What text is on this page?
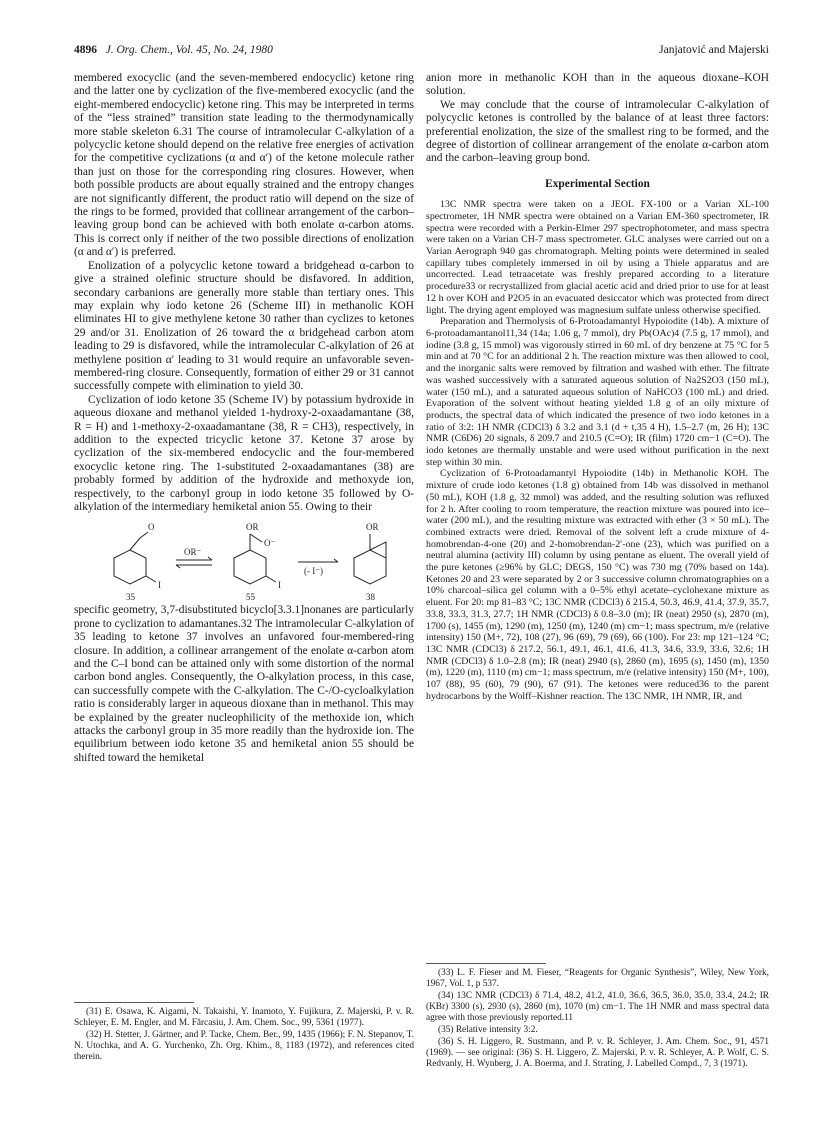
4896 J. Org. Chem., Vol. 45, No. 24, 1980	Janjatović and Majerski

membered exocyclic (and the seven-membered endocyclic) ketone ring and the latter one by cyclization of the five-membered exocyclic (and the eight-membered endocyclic) ketone ring. This may be interpreted in terms of the “less strained” transition state leading to the thermodynamically more stable skeleton 6.31 The course of intramolecular C-alkylation of a polycyclic ketone should depend on the relative free energies of activation for the competitive cyclizations (α and α′) of the ketone molecule rather than just on those for the corresponding ring closures. However, when both possible products are about equally strained and the entropy changes are not significantly different, the product ratio will depend on the size of the rings to be formed, provided that collinear arrangement of the carbon–leaving group bond can be achieved with both enolate α-carbon atoms. This is correct only if neither of the two possible directions of enolization (α and α′) is preferred.

Enolization of a polycyclic ketone toward a bridgehead α-carbon to give a strained olefinic structure should be disfavored. In addition, secondary carbanions are generally more stable than tertiary ones. This may explain why iodo ketone 26 (Scheme III) in methanolic KOH eliminates HI to give methylene ketone 30 rather than cyclizes to ketones 29 and/or 31. Enolization of 26 toward the α bridgehead carbon atom leading to 29 is disfavored, while the intramolecular C-alkylation of 26 at methylene position α′ leading to 31 would require an unfavorable seven-membered-ring closure. Consequently, formation of either 29 or 31 cannot successfully compete with elimination to yield 30.

Cyclization of iodo ketone 35 (Scheme IV) by potassium hydroxide in aqueous dioxane and methanol yielded 1-hydroxy-2-oxaadamantane (38, R = H) and 1-methoxy-2-oxaadamantane (38, R = CH3), respectively, in addition to the expected tricyclic ketone 37. Ketone 37 arose by cyclization of the six-membered endocyclic and the four-membered exocyclic ketone ring. The 1-substituted 2-oxaadamantanes (38) are probably formed by addition of the hydroxide and methoxyde ion, respectively, to the carbonyl group in iodo ketone 35 followed by O-alkylation of the intermediary hemiketal anion 55. Owing to their

O
OR⁻
OR
O⁻
OR
I	I
(- I⁻)
35	55	38

specific geometry, 3,7-disubstituted bicyclo[3.3.1]nonanes are particularly prone to cyclization to adamantanes.32 The intramolecular C-alkylation of 35 leading to ketone 37 involves an unfavored four-membered-ring closure. In addition, a collinear arrangement of the enolate α-carbon atom and the C–I bond can be attained only with some distortion of the normal carbon bond angles. Consequently, the O-alkylation process, in this case, can successfully compete with the C-alkylation. The C-/O-cycloalkylation ratio is considerably larger in aqueous dioxane than in methanol. This may be explained by the greater nucleophilicity of the methoxide ion, which attacks the carbonyl group in 35 more readily than the hydroxide ion. The equilibrium between iodo ketone 35 and hemiketal anion 55 should be shifted toward the hemiketal

anion more in methanolic KOH than in the aqueous dioxane–KOH solution.

We may conclude that the course of intramolecular C-alkylation of polycyclic ketones is controlled by the balance of at least three factors: preferential enolization, the size of the smallest ring to be formed, and the degree of distortion of collinear arrangement of the enolate α-carbon atom and the carbon–leaving group bond.

Experimental Section

13C NMR spectra were taken on a JEOL FX-100 or a Varian XL-100 spectrometer, 1H NMR spectra were obtained on a Varian EM-360 spectrometer, IR spectra were recorded with a Perkin-Elmer 297 spectrophotometer, and mass spectra were taken on a Varian CH-7 mass spectrometer. GLC analyses were carried out on a Varian Aerograph 940 gas chromatograph. Melting points were determined in sealed capillary tubes completely immersed in oil by using a Thiele apparatus and are uncorrected. Lead tetraacetate was freshly prepared according to a literature procedure33 or recrystallized from glacial acetic acid and dried prior to use for at least 12 h over KOH and P2O5 in an evacuated desiccator which was protected from direct light. The drying agent employed was magnesium sulfate unless otherwise specified.

Preparation and Thermolysis of 6-Protoadamantyl Hypoiodite (14b). A mixture of 6-protoadamantanol11,34 (14a; 1.06 g, 7 mmol), dry Pb(OAc)4 (7.5 g, 17 mmol), and iodine (3.8 g, 15 mmol) was vigorously stirred in 60 mL of dry benzene at 75 °C for 5 min and at 70 °C for an additional 2 h. The reaction mixture was then allowed to cool, and the inorganic salts were removed by filtration and washed with ether. The filtrate was washed successively with a saturated aqueous solution of Na2S2O3 (150 mL), water (150 mL), and a saturated aqueous solution of NaHCO3 (100 mL) and dried. Evaporation of the solvent without heating yielded 1.8 g of an oily mixture of products, the spectral data of which indicated the presence of two iodo ketones in a ratio of 3:2: 1H NMR (CDCl3) δ 3.2 and 3.1 (d + t,35 4 H), 1.5–2.7 (m, 26 H); 13C NMR (C6D6) 20 signals, δ 209.7 and 210.5 (C=O); IR (film) 1720 cm−1 (C=O). The iodo ketones are thermally unstable and were used without purification in the next step within 30 min.

Cyclization of 6-Protoadamantyl Hypoiodite (14b) in Methanolic KOH. The mixture of crude iodo ketones (1.8 g) obtained from 14b was dissolved in methanol (50 mL), KOH (1.8 g, 32 mmol) was added, and the resulting solution was refluxed for 2 h. After cooling to room temperature, the reaction mixture was poured into ice–water (200 mL), and the resulting mixture was extracted with ether (3 × 50 mL). The combined extracts were dried. Removal of the solvent left a crude mixture of 4-homobrendan-4-one (20) and 2-homobrendan-2′-one (23), which was purified on a neutral alumina (activity III) column by using pentane as eluent. The overall yield of the pure ketones (≥96% by GLC; DEGS, 150 °C) was 730 mg (70% based on 14a). Ketones 20 and 23 were separated by 2 or 3 successive column chromatographies on a 10% charcoal–silica gel column with a 0–5% ethyl acetate–cyclohexane mixture as eluent. For 20: mp 81–83 °C; 13C NMR (CDCl3) δ 215.4, 50.3, 46.9, 41.4, 37.9, 35.7, 33.8, 33.3, 31.3, 27.7; 1H NMR (CDCl3) δ 0.8–3.0 (m); IR (neat) 2950 (s), 2870 (m), 1700 (s), 1455 (m), 1290 (m), 1250 (m), 1240 (m) cm−1; mass spectrum, m/e (relative intensity) 150 (M+, 72), 108 (27), 96 (69), 79 (69), 66 (100). For 23: mp 121–124 °C; 13C NMR (CDCl3) δ 217.2, 56.1, 49.1, 46.1, 41.6, 41.3, 34.6, 33.9, 33.6, 32.6; 1H NMR (CDCl3) δ 1.0–2.8 (m); IR (neat) 2940 (s), 2860 (m), 1695 (s), 1450 (m), 1350 (m), 1220 (m), 1110 (m) cm−1; mass spectrum, m/e (relative intensity) 150 (M+, 100), 107 (88), 95 (60), 79 (90), 67 (91). The ketones were reduced36 to the parent hydrocarbons by the Wolff–Kishner reaction. The 13C NMR, 1H NMR, IR, and

(31) E. Osawa, K. Aigami, N. Takaishi, Y. Inamoto, Y. Fujikura, Z. Majerski, P. v. R. Schleyer, E. M. Engler, and M. Fărcasiu, J. Am. Chem. Soc., 99, 5361 (1977).

(32) H. Stetter, J. Gärtner, and P. Tacke, Chem. Ber., 99, 1435 (1966); F. N. Stepanov, T. N. Utochka, and A. G. Yurchenko, Zh. Org. Khim., 8, 1183 (1972), and references cited therein.

(33) L. F. Fieser and M. Fieser, “Reagents for Organic Synthesis”, Wiley, New York, 1967, Vol. 1, p 537.

(34) 13C NMR (CDCl3) δ 71.4, 48.2, 41.2, 41.0, 36.6, 36.5, 36.0, 35.0, 33.4, 24.2; IR (KBr) 3300 (s), 2930 (s), 2860 (m), 1070 (m) cm−1. The 1H NMR and mass spectral data agree with those previously reported.11

(35) Relative intensity 3:2.

(36) S. H. Liggero, R. Sustmann, and P. v. R. Schleyer, J. Am. Chem. Soc., 91, 4571 (1969). — see original: (36) S. H. Liggero, Z. Majerski, P. v. R. Schleyer, A. P. Wolf, C. S. Redvanly, H. Wynberg, J. A. Boerma, and J. Strating, J. Labelled Compd., 7, 3 (1971).
